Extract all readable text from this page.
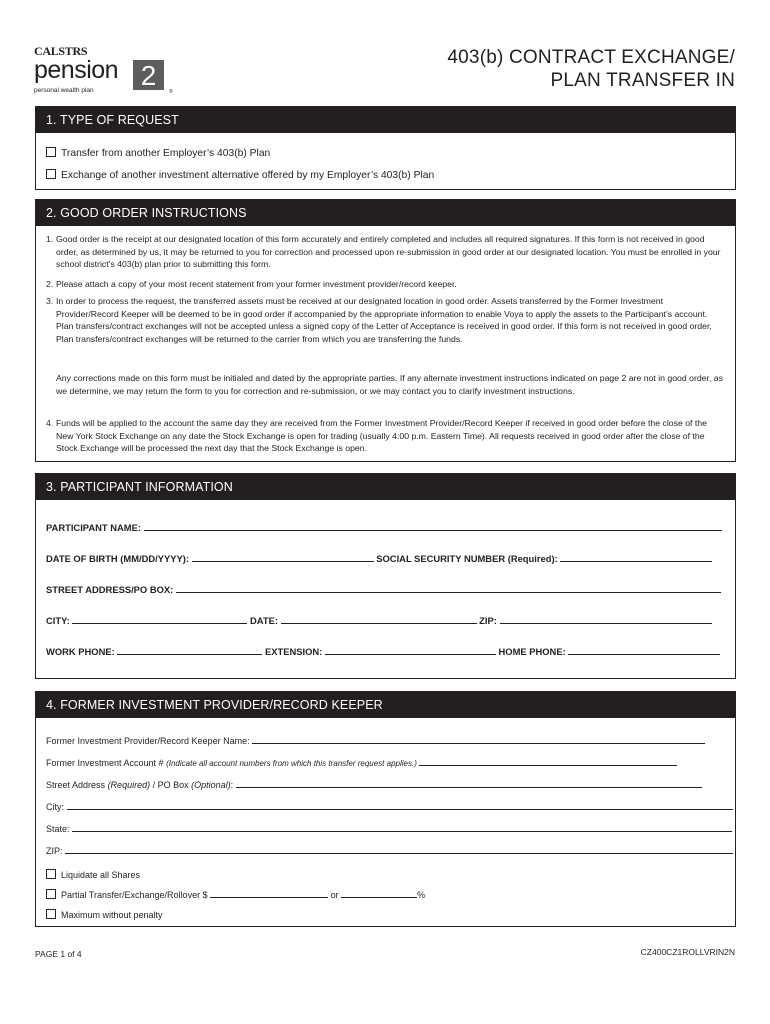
CALSTRS
pension 2
personal wealth plan	®
403(b) CONTRACT EXCHANGE/
PLAN TRANSFER IN
1. TYPE OF REQUEST
Transfer from another Employer’s 403(b) Plan
Exchange of another investment alternative offered by my Employer’s 403(b) Plan
2. GOOD ORDER INSTRUCTIONS
1. Good order is the receipt at our designated location of this form accurately and entirely completed and includes all required signatures. If this form is not received in good order, as determined by us, it may be returned to you for correction and processed upon re-submission in good order at our designated location. You must be enrolled in your school district’s 403(b) plan prior to submitting this form.
2. Please attach a copy of your most recent statement from your former investment provider/record keeper.
3. In order to process the request, the transferred assets must be received at our designated location in good order. Assets transferred by the Former Investment Provider/Record Keeper will be deemed to be in good order if accompanied by the appropriate information to enable Voya to apply the assets to the Participant’s account. Plan transfers/contract exchanges will not be accepted unless a signed copy of the Letter of Acceptance is received in good order. If this form is not received in good order, Plan transfers/contract exchanges will be returned to the carrier from which you are transferring the funds.
Any corrections made on this form must be initialed and dated by the appropriate parties. If any alternate investment instructions indicated on page 2 are not in good order, as we determine, we may return the form to you for correction and re-submission, or we may contact you to clarify investment instructions.
4. Funds will be applied to the account the same day they are received from the Former Investment Provider/Record Keeper if received in good order before the close of the New York Stock Exchange on any date the Stock Exchange is open for trading (usually 4:00 p.m. Eastern Time). All requests received in good order after the close of the Stock Exchange will be processed the next day that the Stock Exchange is open.
3. PARTICIPANT INFORMATION
PARTICIPANT NAME:
DATE OF BIRTH (MM/DD/YYYY):	SOCIAL SECURITY NUMBER (Required):
STREET ADDRESS/PO BOX:
CITY:	DATE:	ZIP:
WORK PHONE:	EXTENSION:	HOME PHONE:
4. FORMER INVESTMENT PROVIDER/RECORD KEEPER
Former Investment Provider/Record Keeper Name:
Former Investment Account # (Indicate all account numbers from which this transfer request applies.)
Street Address (Required) / PO Box (Optional):
City:
State:
ZIP:
Liquidate all Shares
Partial Transfer/Exchange/Rollover $	or	%
Maximum without penalty
PAGE 1 of 4	CZ400CZ1ROLLVRIN2N
